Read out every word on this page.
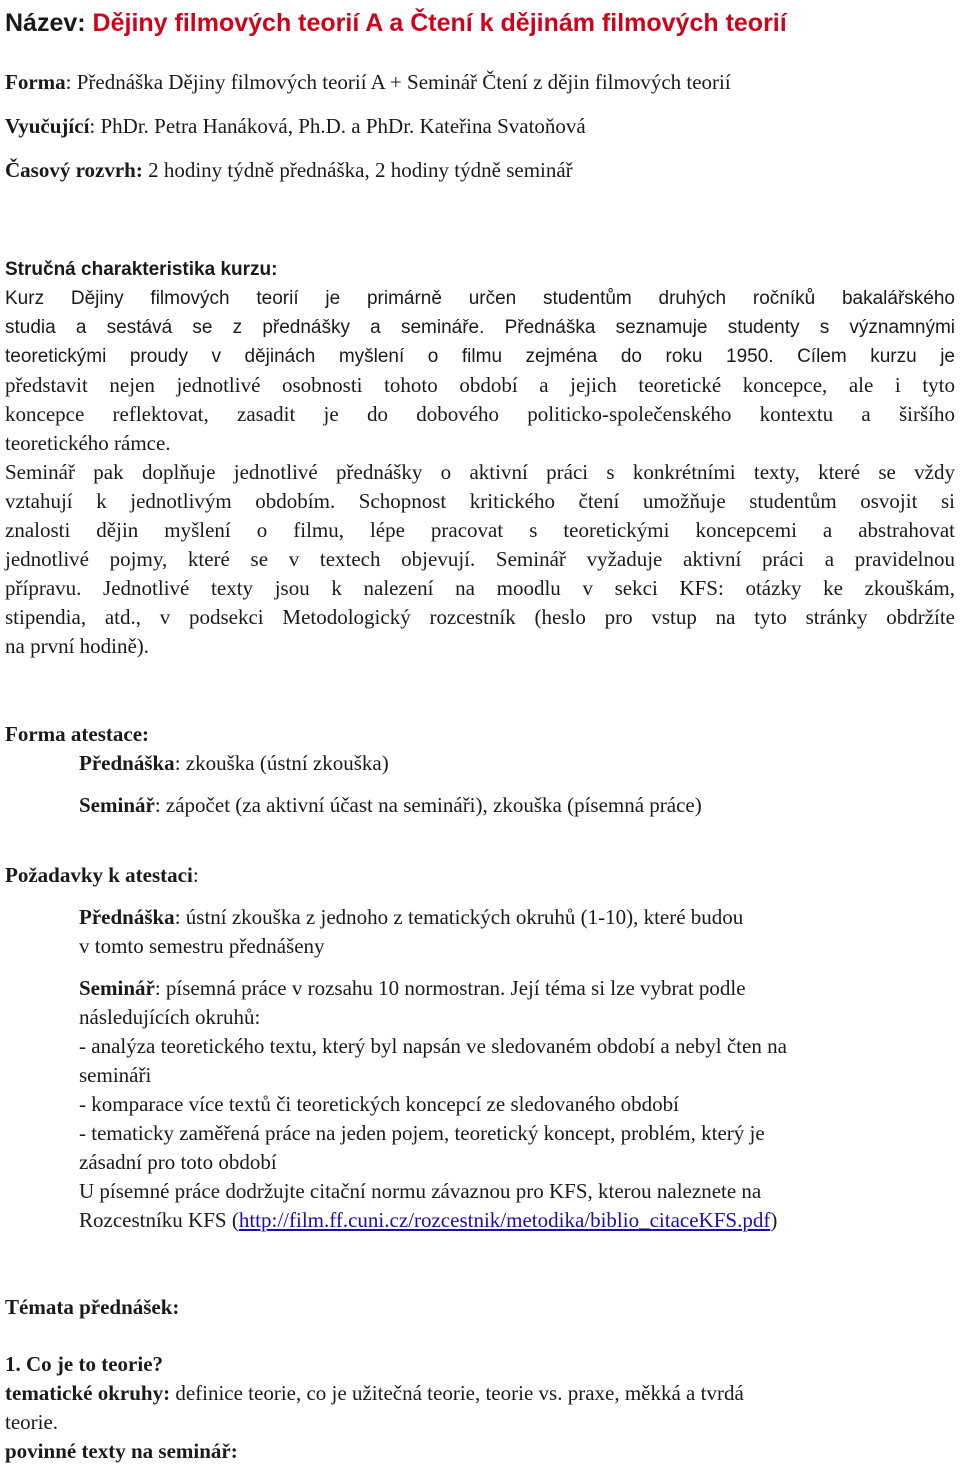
Název: Dějiny filmových teorií A a Čtení k dějinám filmových teorií
Forma: Přednáška Dějiny filmových teorií A + Seminář Čtení z dějin filmových teorií
Vyučující: PhDr. Petra Hanáková, Ph.D. a PhDr. Kateřina Svatoňová
Časový rozvrh: 2 hodiny týdně přednáška, 2 hodiny týdně seminář
Stručná charakteristika kurzu:
Kurz Dějiny filmových teorií je primárně určen studentům druhých ročníků bakalářského
studia a sestává se z přednášky a semináře. Přednáška seznamuje studenty s významnými
teoretickými proudy v dějinách myšlení o filmu zejména do roku 1950. Cílem kurzu je
představit nejen jednotlivé osobnosti tohoto období a jejich teoretické koncepce, ale i tyto
koncepce reflektovat, zasadit je do dobového politicko-společenského kontextu a širšího
teoretického rámce.
Seminář pak doplňuje jednotlivé přednášky o aktivní práci s konkrétními texty, které se vždy
vztahují k jednotlivým obdobím. Schopnost kritického čtení umožňuje studentům osvojit si
znalosti dějin myšlení o filmu, lépe pracovat s teoretickými koncepcemi a abstrahovat
jednotlivé pojmy, které se v textech objevují. Seminář vyžaduje aktivní práci a pravidelnou
přípravu. Jednotlivé texty jsou k nalezení na moodlu v sekci KFS: otázky ke zkouškám,
stipendia, atd., v podsekci Metodologický rozcestník (heslo pro vstup na tyto stránky obdržíte
na první hodině).
Forma atestace:
Přednáška: zkouška (ústní zkouška)
Seminář: zápočet (za aktivní účast na semináři), zkouška (písemná práce)
Požadavky k atestaci:
Přednáška: ústní zkouška z jednoho z tematických okruhů (1-10), které budou
v tomto semestru přednášeny
Seminář: písemná práce v rozsahu 10 normostran. Její téma si lze vybrat podle
následujících okruhů:
- analýza teoretického textu, který byl napsán ve sledovaném období a nebyl čten na
semináři
- komparace více textů či teoretických koncepcí ze sledovaného období
- tematicky zaměřená práce na jeden pojem, teoretický koncept, problém, který je
zásadní pro toto období
U písemné práce dodržujte citační normu závaznou pro KFS, kterou naleznete na
Rozcestníku KFS (http://film.ff.cuni.cz/rozcestnik/metodika/biblio_citaceKFS.pdf)
Témata přednášek:
1. Co je to teorie?
tematické okruhy: definice teorie, co je užitečná teorie, teorie vs. praxe, měkká a tvrdá
teorie.
povinné texty na seminář:
